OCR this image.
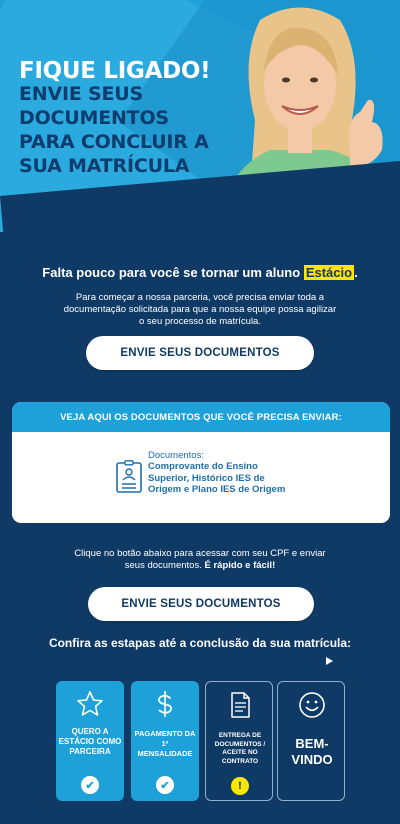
FIQUE LIGADO!
ENVIE SEUS
DOCUMENTOS
PARA CONCLUIR A
SUA MATRÍCULA
Falta pouco para você se tornar um aluno Estácio .
Para começar a nossa parceria, você precisa enviar toda a documentação solicitada para que a nossa equipe possa agilizar o seu processo de matrícula.
ENVIE SEUS DOCUMENTOS
VEJA AQUI OS DOCUMENTOS QUE VOCÊ PRECISA ENVIAR:
Documentos:
Comprovante do Ensino Superior, Histórico IES de Origem e Plano IES de Origem
Clique no botão abaixo para acessar com seu CPF e enviar seus documentos. É rápido e fácil!
ENVIE SEUS DOCUMENTOS
Confira as estapas até a conclusão da sua matrícula:
QUERO A ESTÁCIO COMO PARCEIRA
✔
PAGAMENTO DA 1ª MENSALIDADE
✔
ENTREGA DE DOCUMENTOS / ACEITE NO CONTRATO
!
BEM-VINDO
